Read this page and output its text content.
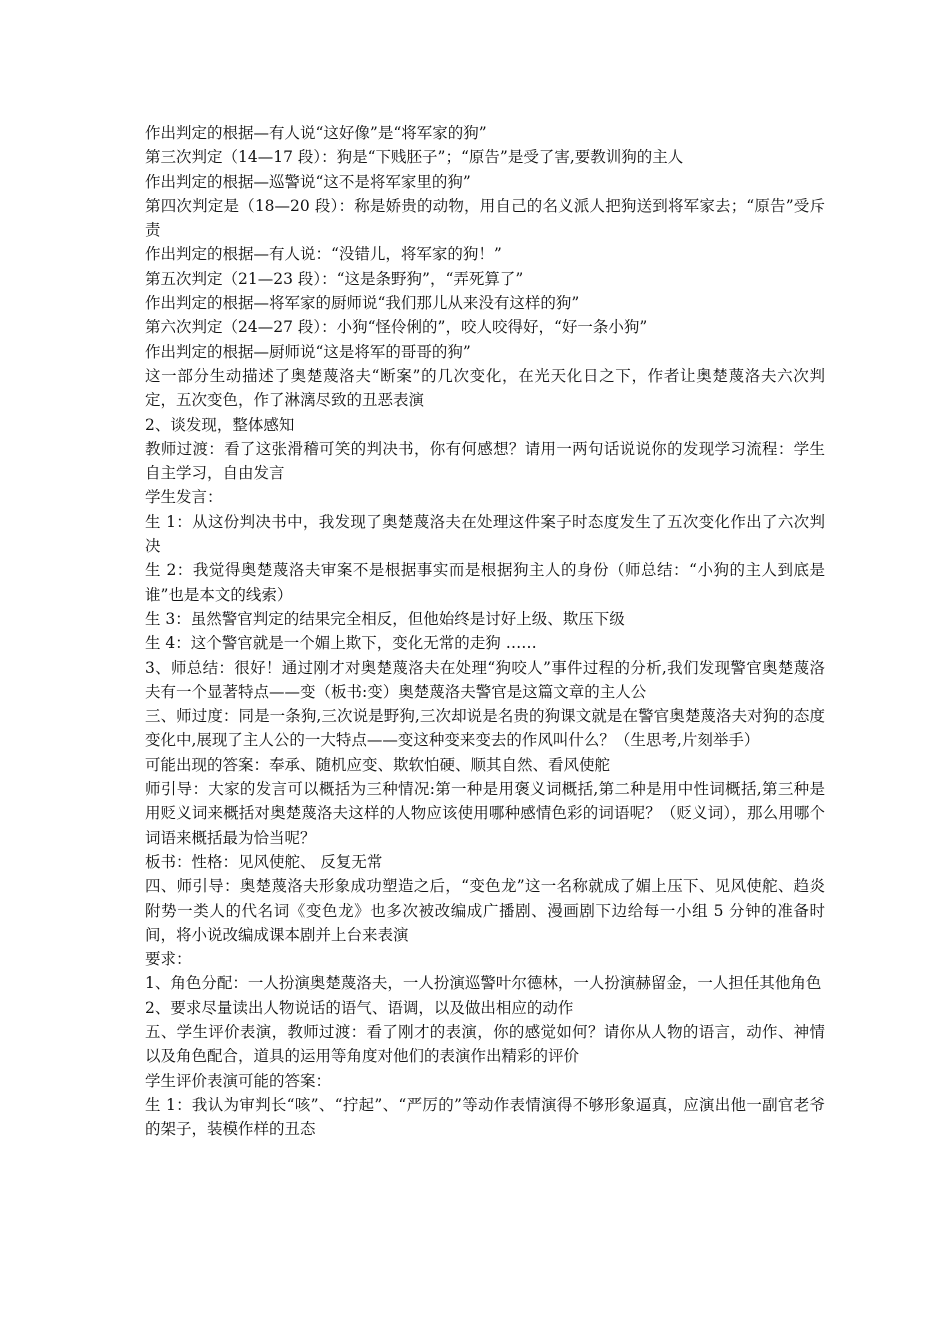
作出判定的根据—有人说“这好像”是“将军家的狗”

第三次判定（14—17 段）：狗是“下贱胚子”；“原告”是受了害,要教训狗的主人

作出判定的根据—巡警说“这不是将军家里的狗”

第四次判定是（18—20 段）：称是娇贵的动物，用自己的名义派人把狗送到将军家去；“原告”受斥责

作出判定的根据—有人说：“没错儿，将军家的狗！”

第五次判定（21—23 段）：“这是条野狗”，“弄死算了”

作出判定的根据—将军家的厨师说“我们那儿从来没有这样的狗”

第六次判定（24—27 段）：小狗“怪伶俐的”，咬人咬得好，“好一条小狗”

作出判定的根据—厨师说“这是将军的哥哥的狗”

这一部分生动描述了奥楚蔑洛夫“断案”的几次变化，在光天化日之下，作者让奥楚蔑洛夫六次判定，五次变色，作了淋漓尽致的丑恶表演

2、谈发现，整体感知

教师过渡：看了这张滑稽可笑的判决书，你有何感想？请用一两句话说说你的发现学习流程：学生自主学习，自由发言

学生发言：

生 1：从这份判决书中，我发现了奥楚蔑洛夫在处理这件案子时态度发生了五次变化作出了六次判决

生 2：我觉得奥楚蔑洛夫审案不是根据事实而是根据狗主人的身份（师总结：“小狗的主人到底是谁”也是本文的线索）

生 3：虽然警官判定的结果完全相反，但他始终是讨好上级、欺压下级

生 4：这个警官就是一个媚上欺下，变化无常的走狗 ……

3、师总结：很好！通过刚才对奥楚蔑洛夫在处理“狗咬人”事件过程的分析,我们发现警官奥楚蔑洛夫有一个显著特点——变（板书:变）奥楚蔑洛夫警官是这篇文章的主人公

三、师过度：同是一条狗,三次说是野狗,三次却说是名贵的狗课文就是在警官奥楚蔑洛夫对狗的态度变化中,展现了主人公的一大特点——变这种变来变去的作风叫什么？（生思考,片刻举手）

可能出现的答案：奉承、随机应变、欺软怕硬、顺其自然、看风使舵

师引导：大家的发言可以概括为三种情况:第一种是用褒义词概括,第二种是用中性词概括,第三种是用贬义词来概括对奥楚蔑洛夫这样的人物应该使用哪种感情色彩的词语呢？（贬义词），那么用哪个词语来概括最为恰当呢？

板书：性格：见风使舵、 反复无常

四、师引导：奥楚蔑洛夫形象成功塑造之后，“变色龙”这一名称就成了媚上压下、见风使舵、趋炎附势一类人的代名词《变色龙》也多次被改编成广播剧、漫画剧下边给每一小组 5 分钟的准备时间，将小说改编成课本剧并上台来表演

要求：

1、角色分配：一人扮演奥楚蔑洛夫，一人扮演巡警叶尔德林，一人扮演赫留金，一人担任其他角色

2、要求尽量读出人物说话的语气、语调，以及做出相应的动作

五、学生评价表演，教师过渡：看了刚才的表演，你的感觉如何？请你从人物的语言，动作、神情以及角色配合，道具的运用等角度对他们的表演作出精彩的评价

学生评价表演可能的答案：

生 1：我认为审判长“咳”、“拧起”、“严厉的”等动作表情演得不够形象逼真，应演出他一副官老爷的架子，装模作样的丑态
